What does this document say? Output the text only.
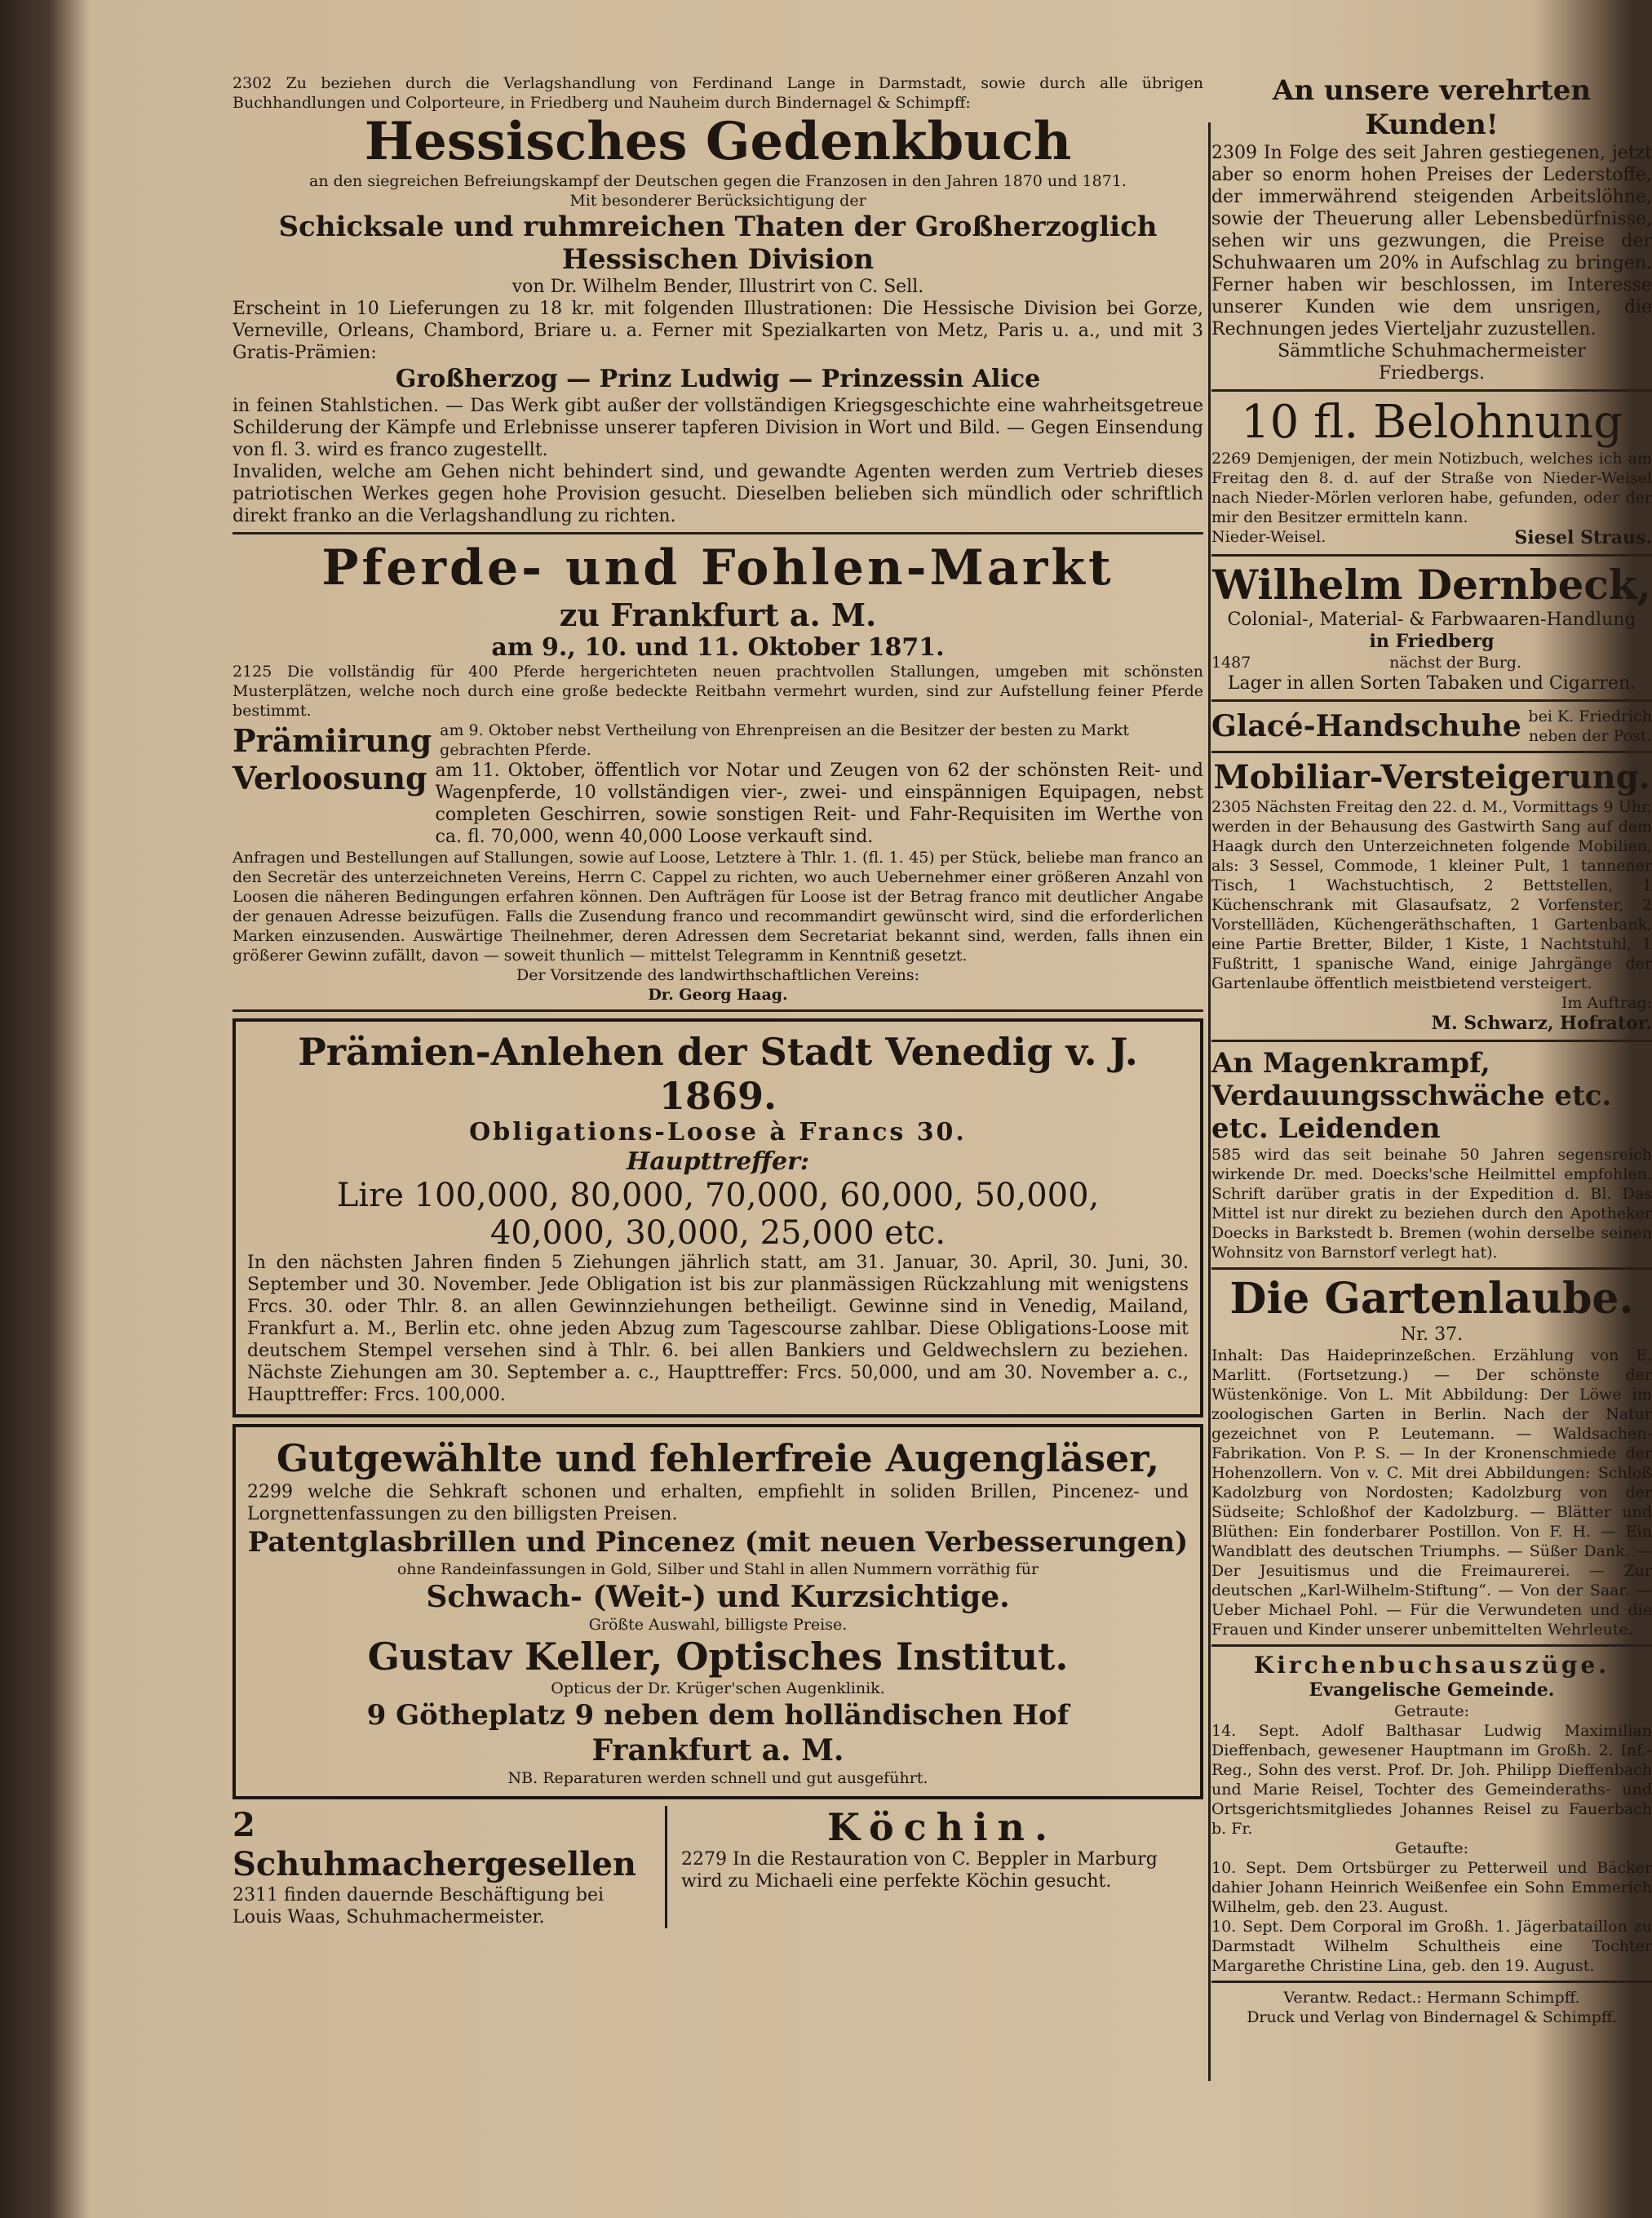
2302 Zu beziehen durch die Verlagshandlung von Ferdinand Lange in Darmstadt, sowie durch alle übrigen Buchhandlungen und Colporteure, in Friedberg und Nauheim durch Bindernagel & Schimpff:

Hessisches Gedenkbuch

an den siegreichen Befreiungskampf der Deutschen gegen die Franzosen in den Jahren 1870 und 1871.

Mit besonderer Berücksichtigung der

Schicksale und ruhmreichen Thaten der Großherzoglich

Hessischen Division

von Dr. Wilhelm Bender, Illustrirt von C. Sell.

Erscheint in 10 Lieferungen zu 18 kr. mit folgenden Illustrationen: Die Hessische Division bei Gorze, Verneville, Orleans, Chambord, Briare u. a. Ferner mit Spezialkarten von Metz, Paris u. a., und mit 3 Gratis-Prämien:

Großherzog — Prinz Ludwig — Prinzessin Alice

in feinen Stahlstichen. — Das Werk gibt außer der vollständigen Kriegsgeschichte eine wahrheitsgetreue Schilderung der Kämpfe und Erlebnisse unserer tapferen Division in Wort und Bild. — Gegen Einsendung von fl. 3. wird es franco zugestellt.

Invaliden, welche am Gehen nicht behindert sind, und gewandte Agenten werden zum Vertrieb dieses patriotischen Werkes gegen hohe Provision gesucht. Dieselben belieben sich mündlich oder schriftlich direkt franko an die Verlagshandlung zu richten.

Pferde- und Fohlen-Markt

zu Frankfurt a. M.

am 9., 10. und 11. Oktober 1871.

2125 Die vollständig für 400 Pferde hergerichteten neuen prachtvollen Stallungen, umgeben mit schönsten Musterplätzen, welche noch durch eine große bedeckte Reitbahn vermehrt wurden, sind zur Aufstellung feiner Pferde bestimmt.

Prämiirung am 9. Oktober nebst Vertheilung von Ehrenpreisen an die Besitzer der besten zu Markt gebrachten Pferde.
Verloosung am 11. Oktober, öffentlich vor Notar und Zeugen von 62 der schönsten Reit- und Wagenpferde, 10 vollständigen vier-, zwei- und einspännigen Equipagen, nebst completen Geschirren, sowie sonstigen Reit- und Fahr-Requisiten im Werthe von ca. fl. 70,000, wenn 40,000 Loose verkauft sind.

Anfragen und Bestellungen auf Stallungen, sowie auf Loose, Letztere à Thlr. 1. (fl. 1. 45) per Stück, beliebe man franco an den Secretär des unterzeichneten Vereins, Herrn C. Cappel zu richten, wo auch Uebernehmer einer größeren Anzahl von Loosen die näheren Bedingungen erfahren können. Den Aufträgen für Loose ist der Betrag franco mit deutlicher Angabe der genauen Adresse beizufügen. Falls die Zusendung franco und recommandirt gewünscht wird, sind die erforderlichen Marken einzusenden. Auswärtige Theilnehmer, deren Adressen dem Secretariat bekannt sind, werden, falls ihnen ein größerer Gewinn zufällt, davon — soweit thunlich — mittelst Telegramm in Kenntniß gesetzt.

Der Vorsitzende des landwirthschaftlichen Vereins:

Dr. Georg Haag.

Prämien-Anlehen der Stadt Venedig v. J. 1869.

Obligations-Loose à Francs 30.

Haupttreffer:

Lire 100,000, 80,000, 70,000, 60,000, 50,000,

40,000, 30,000, 25,000 etc.

In den nächsten Jahren finden 5 Ziehungen jährlich statt, am 31. Januar, 30. April, 30. Juni, 30. September und 30. November. Jede Obligation ist bis zur planmässigen Rückzahlung mit wenigstens Frcs. 30. oder Thlr. 8. an allen Gewinnziehungen betheiligt. Gewinne sind in Venedig, Mailand, Frankfurt a. M., Berlin etc. ohne jeden Abzug zum Tagescourse zahlbar. Diese Obligations-Loose mit deutschem Stempel versehen sind à Thlr. 6. bei allen Bankiers und Geldwechslern zu beziehen. Nächste Ziehungen am 30. September a. c., Haupttreffer: Frcs. 50,000, und am 30. November a. c., Haupttreffer: Frcs. 100,000.

Gutgewählte und fehlerfreie Augengläser,

2299 welche die Sehkraft schonen und erhalten, empfiehlt in soliden Brillen, Pincenez- und Lorgnettenfassungen zu den billigsten Preisen.

Patentglasbrillen und Pincenez (mit neuen Verbesserungen)

ohne Randeinfassungen in Gold, Silber und Stahl in allen Nummern vorräthig für

Schwach- (Weit-) und Kurzsichtige.

Größte Auswahl, billigste Preise.

Gustav Keller, Optisches Institut.

Opticus der Dr. Krüger'schen Augenklinik.

9 Götheplatz 9 neben dem holländischen Hof

Frankfurt a. M.

NB. Reparaturen werden schnell und gut ausgeführt.

2 Schuhmachergesellen

2311 finden dauernde Beschäftigung bei Louis Waas, Schuhmachermeister.

Köchin.

2279 In die Restauration von C. Beppler in Marburg wird zu Michaeli eine perfekte Köchin gesucht.

An unsere verehrten Kunden!

2309 In Folge des seit Jahren gestiegenen, jetzt aber so enorm hohen Preises der Lederstoffe, der immerwährend steigenden Arbeitslöhne, sowie der Theuerung aller Lebensbedürfnisse, sehen wir uns gezwungen, die Preise der Schuhwaaren um 20% in Aufschlag zu bringen. Ferner haben wir beschlossen, im Interesse unserer Kunden wie dem unsrigen, die Rechnungen jedes Vierteljahr zuzustellen.

Sämmtliche Schuhmachermeister

Friedbergs.

10 fl. Belohnung

2269 Demjenigen, der mein Notizbuch, welches ich am Freitag den 8. d. auf der Straße von Nieder-Weisel nach Nieder-Mörlen verloren habe, gefunden, oder der mir den Besitzer ermitteln kann.

Nieder-Weisel.	Siesel Straus.

Wilhelm Dernbeck,

Colonial-, Material- & Farbwaaren-Handlung

in Friedberg

1487	nächst der Burg.

Lager in allen Sorten Tabaken und Cigarren.

Glacé-Handschuhe bei K. Friedrich
neben der Post.

Mobiliar-Versteigerung.

2305 Nächsten Freitag den 22. d. M., Vormittags 9 Uhr, werden in der Behausung des Gastwirth Sang auf dem Haagk durch den Unterzeichneten folgende Mobilien, als: 3 Sessel, Commode, 1 kleiner Pult, 1 tannener Tisch, 1 Wachstuchtisch, 2 Bettstellen, 1 Küchenschrank mit Glasaufsatz, 2 Vorfenster, 2 Vorstellläden, Küchengeräthschaften, 1 Gartenbank, eine Partie Bretter, Bilder, 1 Kiste, 1 Nachtstuhl, 1 Fußtritt, 1 spanische Wand, einige Jahrgänge der Gartenlaube öffentlich meistbietend versteigert.

Im Auftrag:

M. Schwarz, Hofrator.

An Magenkrampf, Verdauungsschwäche etc. etc. Leidenden

585 wird das seit beinahe 50 Jahren segensreich wirkende Dr. med. Doecks'sche Heilmittel empfohlen. Schrift darüber gratis in der Expedition d. Bl. Das Mittel ist nur direkt zu beziehen durch den Apotheker Doecks in Barkstedt b. Bremen (wohin derselbe seinen Wohnsitz von Barnstorf verlegt hat).

Die Gartenlaube.

Nr. 37.

Inhalt: Das Haideprinzeßchen. Erzählung von E. Marlitt. (Fortsetzung.) — Der schönste der Wüstenkönige. Von L. Mit Abbildung: Der Löwe im zoologischen Garten in Berlin. Nach der Natur gezeichnet von P. Leutemann. — Waldsachen-Fabrikation. Von P. S. — In der Kronenschmiede der Hohenzollern. Von v. C. Mit drei Abbildungen: Schloß Kadolzburg von Nordosten; Kadolzburg von der Südseite; Schloßhof der Kadolzburg. — Blätter und Blüthen: Ein fonderbarer Postillon. Von F. H. — Ein Wandblatt des deutschen Triumphs. — Süßer Dank. — Der Jesuitismus und die Freimaurerei. — Zur deutschen „Karl-Wilhelm-Stiftung“. — Von der Saar. — Ueber Michael Pohl. — Für die Verwundeten und die Frauen und Kinder unserer unbemittelten Wehrleute.

Kirchenbuchsauszüge.

Evangelische Gemeinde.

Getraute:

14. Sept. Adolf Balthasar Ludwig Maximilian Dieffenbach, gewesener Hauptmann im Großh. 2. Inf.-Reg., Sohn des verst. Prof. Dr. Joh. Philipp Dieffenbach und Marie Reisel, Tochter des Gemeinderaths- und Ortsgerichtsmitgliedes Johannes Reisel zu Fauerbach b. Fr.

Getaufte:

10. Sept. Dem Ortsbürger zu Petterweil und Bäcker dahier Johann Heinrich Weißenfee ein Sohn Emmerich Wilhelm, geb. den 23. August.

10. Sept. Dem Corporal im Großh. 1. Jägerbataillon zu Darmstadt Wilhelm Schultheis eine Tochter Margarethe Christine Lina, geb. den 19. August.

Verantw. Redact.: Hermann Schimpff.

Druck und Verlag von Bindernagel & Schimpff.
